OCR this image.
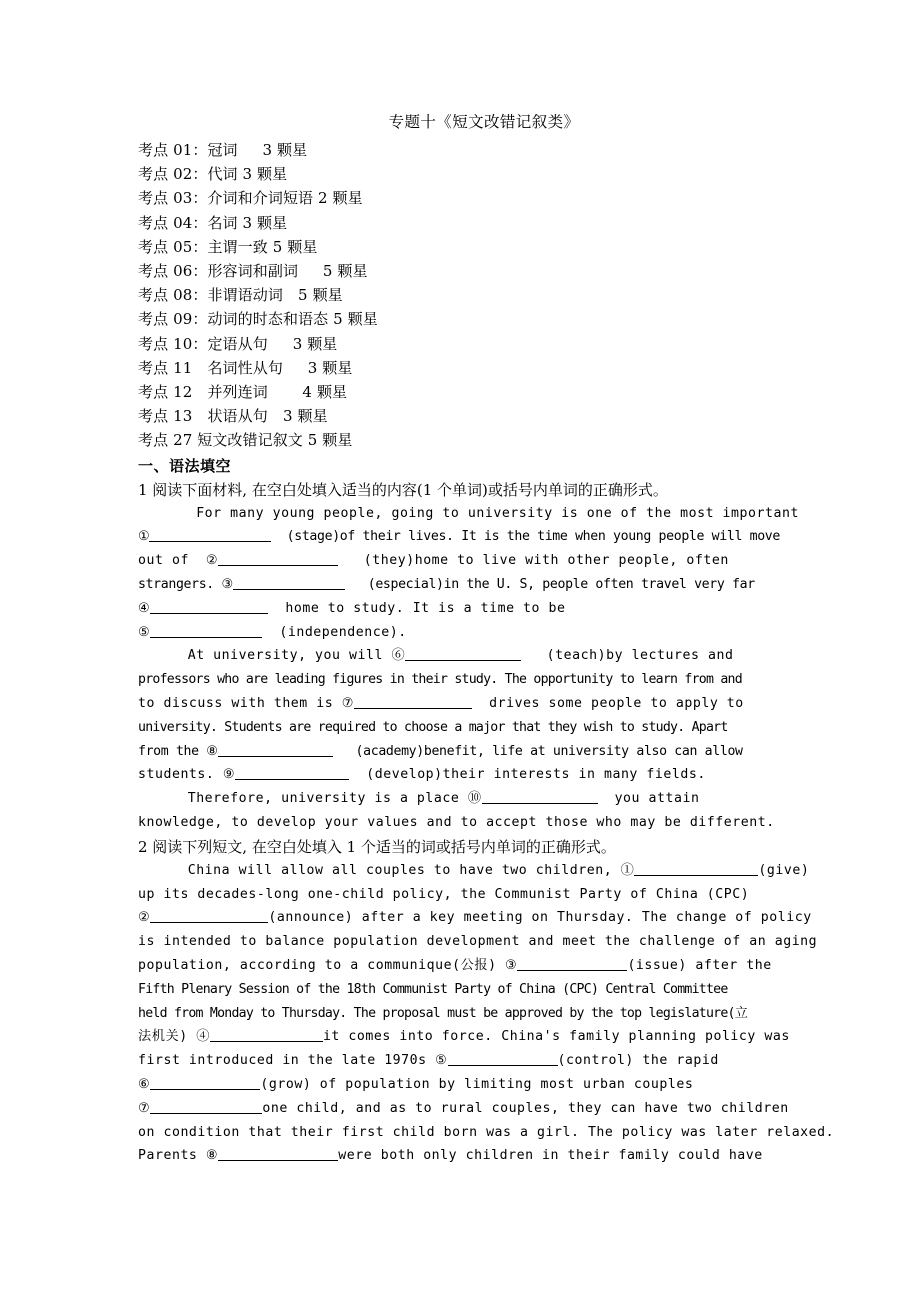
专题十《短文改错记叙类》
考点 01：冠词　  3 颗星
考点 02：代词 3 颗星
考点 03：介词和介词短语 2 颗星
考点 04：名词 3 颗星
考点 05：主谓一致 5 颗星
考点 06：形容词和副词　  5 颗星
考点 08：非谓语动词　5 颗星
考点 09：动词的时态和语态 5 颗星
考点 10：定语从句　  3 颗星
考点 11　名词性从句　  3 颗星
考点 12　并列连词　    4 颗星
考点 13　状语从句　3 颗星
考点 27 短文改错记叙文 5 颗星
一、语法填空
1 阅读下面材料, 在空白处填入适当的内容(1 个单词)或括号内单词的正确形式。
　　　  For many young people, going to university is one of the most important
①	(stage)of their lives. It is the time when young people will move
out of  ②	(they)home to live with other people, often
strangers. ③	(especial)in the U. S, people often travel very far
④	home to study. It is a time to be
⑤	(independence).
　　　 At university, you will ⑥	(teach)by lectures and
professors who are leading figures in their study. The opportunity to learn from and
to discuss with them is ⑦	drives some people to apply to
university. Students are required to choose a major that they wish to study. Apart
from the ⑧	(academy)benefit, life at university also can allow
students. ⑨	(develop)their interests in many fields.
　　　 Therefore, university is a place ⑩	you attain
knowledge, to develop your values and to accept those who may be different.
2 阅读下列短文, 在空白处填入 1 个适当的词或括号内单词的正确形式。
　　　 China will allow all couples to have two children, ①	(give)
up its decades-long one-child policy, the Communist Party of China (CPC)
②	(announce) after a key meeting on Thursday. The change of policy
is intended to balance population development and meet the challenge of an aging
population, according to a communique(公报) ③	(issue) after the
Fifth Plenary Session of the 18th Communist Party of China (CPC) Central Committee
held from Monday to Thursday. The proposal must be approved by the top legislature(立
法机关) ④	it comes into force. China's family planning policy was
first introduced in the late 1970s ⑤	(control) the rapid
⑥	(grow) of population by limiting most urban couples
⑦	one child, and as to rural couples, they can have two children
on condition that their first child born was a girl. The policy was later relaxed.
Parents ⑧	were both only children in their family could have
